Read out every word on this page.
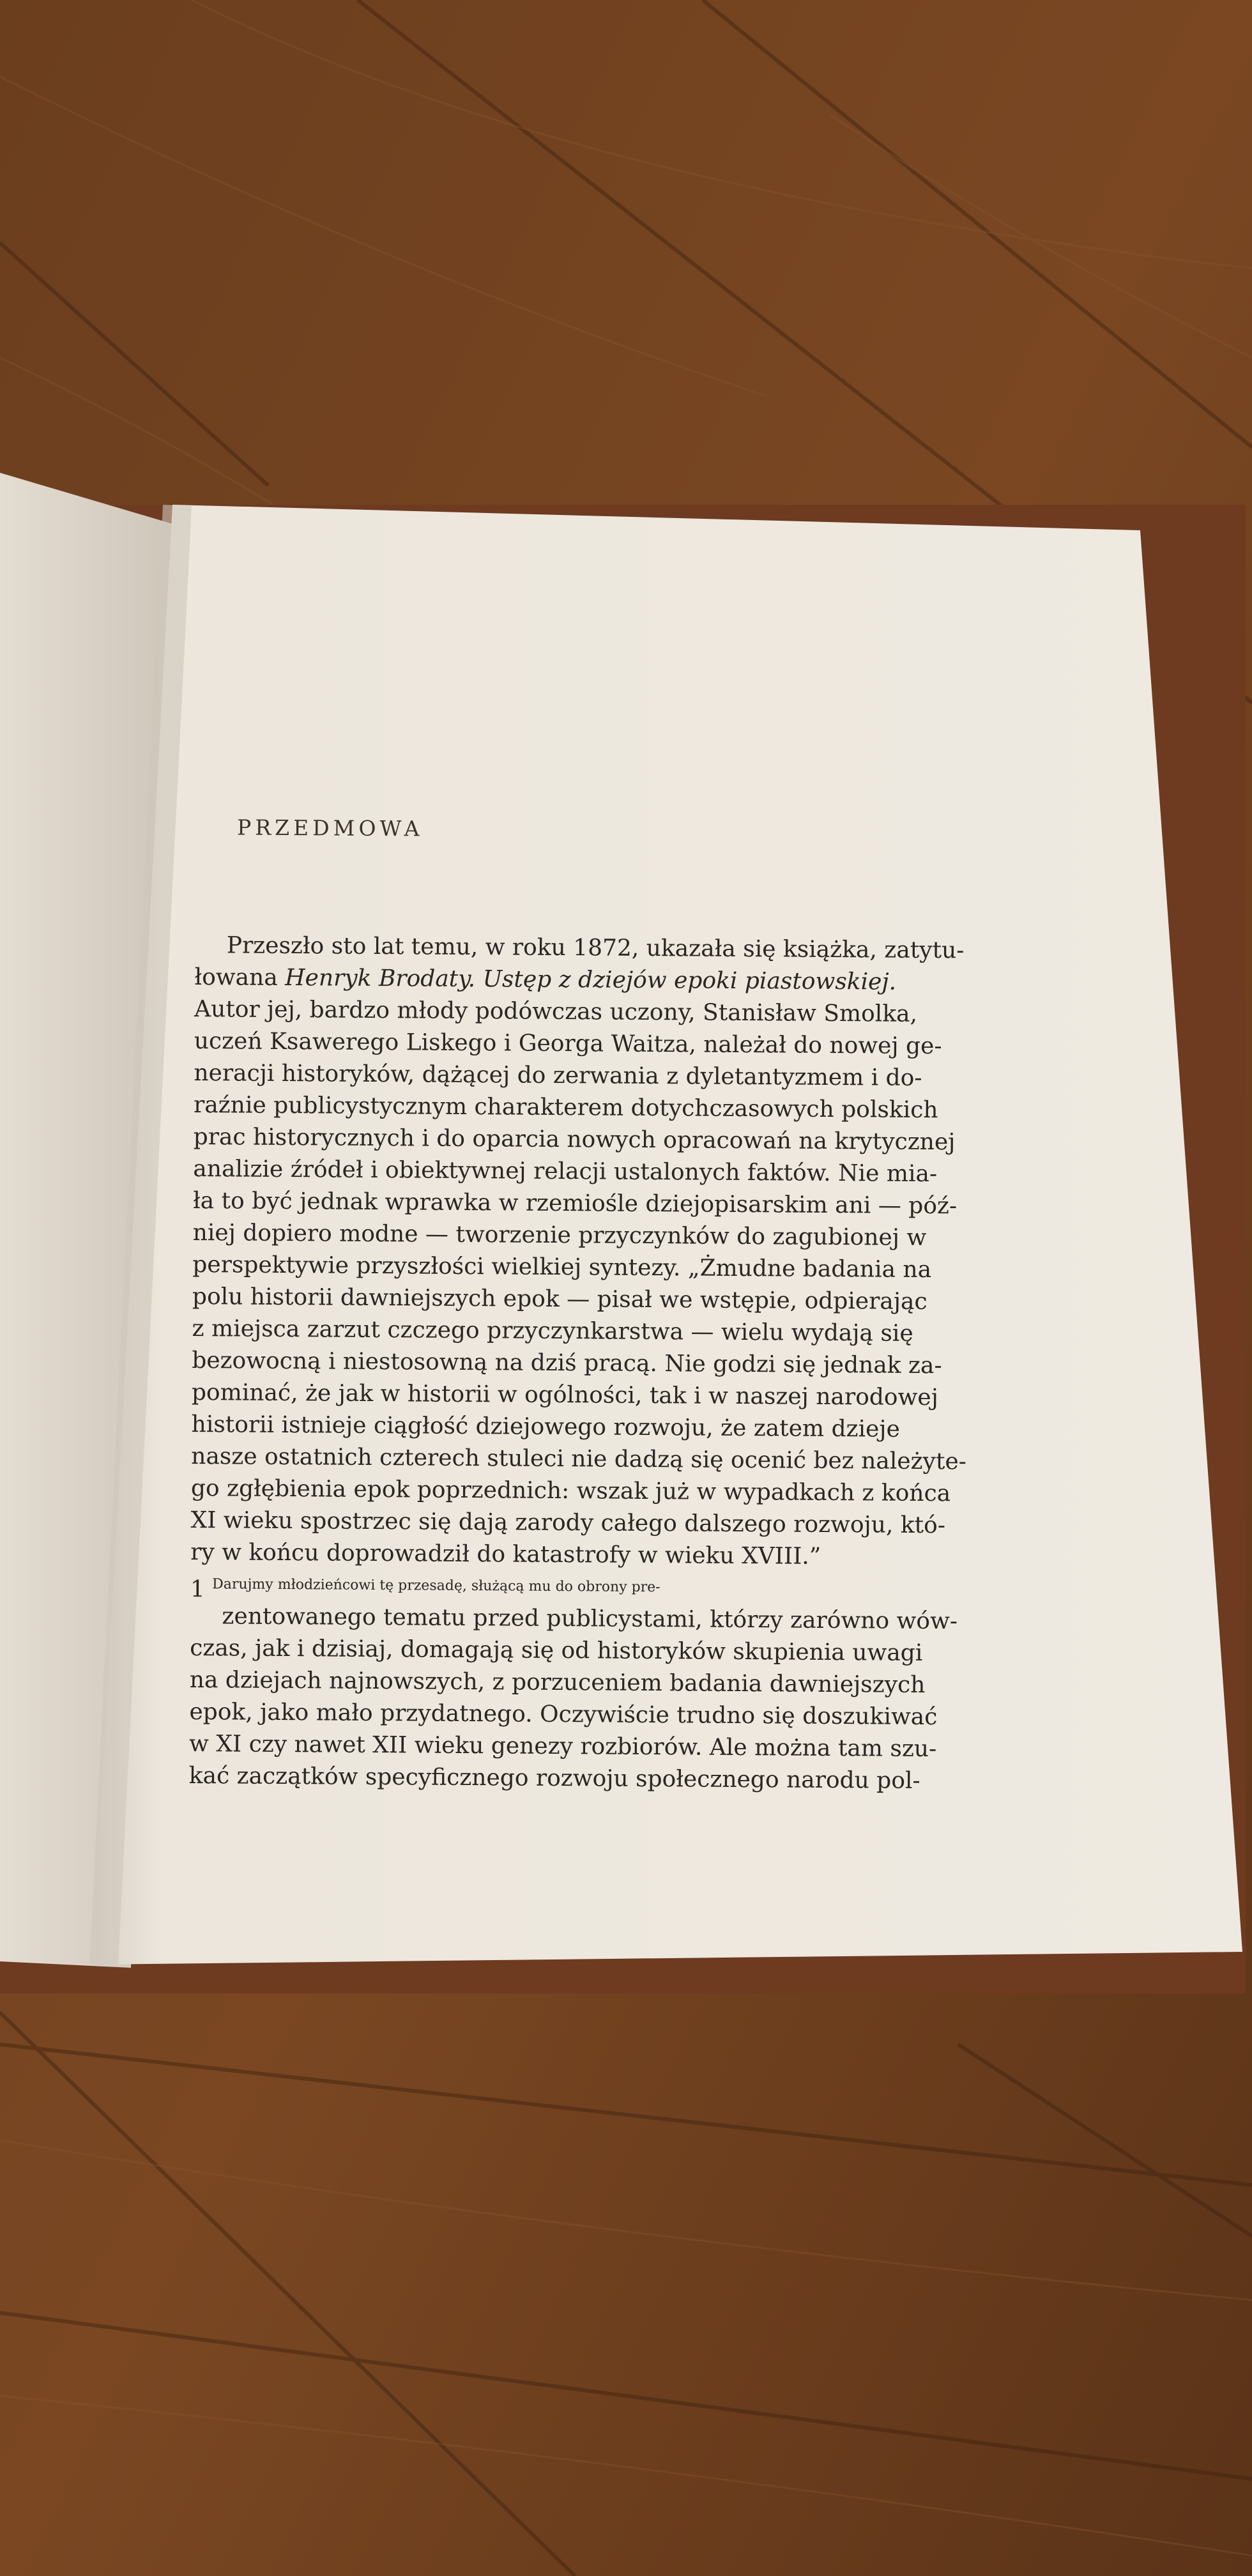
PRZEDMOWA
Przeszło sto lat temu, w roku 1872, ukazała się książka, zatytu-
łowana Henryk Brodaty. Ustęp z dziejów epoki piastowskiej.
Autor jej, bardzo młody podówczas uczony, Stanisław Smolka,
uczeń Ksawerego Liskego i Georga Waitza, należał do nowej ge-
neracji historyków, dążącej do zerwania z dyletantyzmem i do-
raźnie publicystycznym charakterem dotychczasowych polskich
prac historycznych i do oparcia nowych opracowań na krytycznej
analizie źródeł i obiektywnej relacji ustalonych faktów. Nie mia-
ła to być jednak wprawka w rzemiośle dziejopisarskim ani — póź-
niej dopiero modne — tworzenie przyczynków do zagubionej w
perspektywie przyszłości wielkiej syntezy. „Żmudne badania na
polu historii dawniejszych epok — pisał we wstępie, odpierając
z miejsca zarzut czczego przyczynkarstwa — wielu wydają się
bezowocną i niestosowną na dziś pracą. Nie godzi się jednak za-
pominać, że jak w historii w ogólności, tak i w naszej narodowej
historii istnieje ciągłość dziejowego rozwoju, że zatem dzieje
nasze ostatnich czterech stuleci nie dadzą się ocenić bez należyte-
go zgłębienia epok poprzednich: wszak już w wypadkach z końca
XI wieku spostrzec się dają zarody całego dalszego rozwoju, któ-
ry w końcu doprowadził do katastrofy w wieku XVIII.”
1 $^{Darujmy młodzieńcowi tę przesadę, służącą mu do obrony pre-}$
zentowanego tematu przed publicystami, którzy zarówno wów-
czas, jak i dzisiaj, domagają się od historyków skupienia uwagi
na dziejach najnowszych, z porzuceniem badania dawniejszych
epok, jako mało przydatnego. Oczywiście trudno się doszukiwać
w XI czy nawet XII wieku genezy rozbiorów. Ale można tam szu-
kać zaczątków specyficznego rozwoju społecznego narodu pol-
